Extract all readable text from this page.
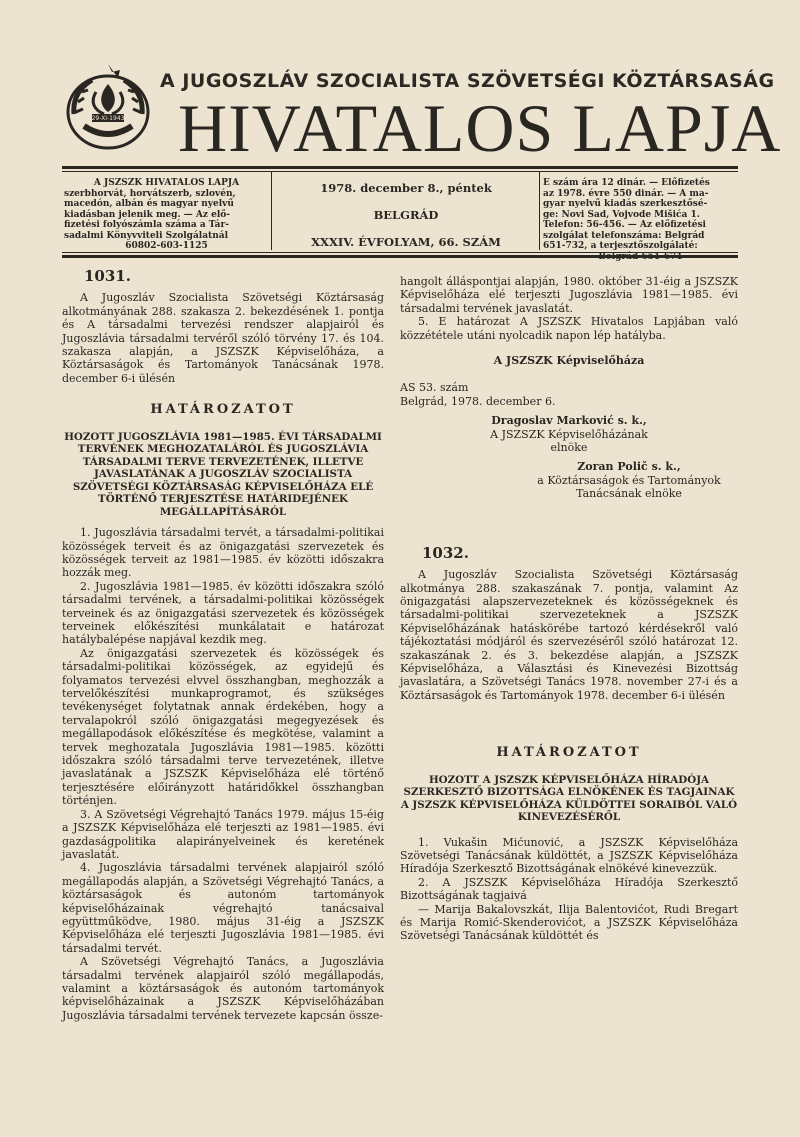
29-XI-1943
A JUGOSZLÁV SZOCIALISTA SZÖVETSÉGI KÖZTÁRSASÁG
HIVATALOS LAPJA
A JSZSZK HIVATALOS LAPJA
szerbhorvát, horvátszerb, szlovén,
macedón, albán és magyar nyelvű
kiadásban jelenik meg. — Az elő-
fizetési folyószámla száma a Tár-
sadalmi Könyvviteli Szolgálatnál
60802-603-1125
1978. december 8., péntek
BELGRÁD
XXXIV. ÉVFOLYAM, 66. SZÁM
E szám ára 12 dinár. — Előfizetés
az 1978. évre 550 dinár. — A ma-
gyar nyelvű kiadás szerkesztősé-
ge: Novi Sad, Vojvode Mišića 1.
Telefon: 56-456. — Az előfizetési
szolgálat telefonszáma: Belgrád
651-732, a terjesztőszolgálaté:
1031.

A Jugoszláv Szocialista Szövetségi Köztársaság alkotmányának 288. szakasza 2. bekezdésének 1. pontja és A társadalmi tervezési rendszer alapjairól és Jugoszlávia társadalmi tervéről szóló törvény 17. és 104. szakasza alapján, a JSZSZK Képviselőháza, a Köztársaságok és Tartományok Tanácsának 1978. december 6-i ülésén

HATÁROZATOT
HOZOTT JUGOSZLÁVIA 1981—1985. ÉVI TÁRSADALMI TERVÉNEK MEGHOZATALÁRÓL ÉS JUGOSZLÁVIA TÁRSADALMI TERVE TERVEZETÉNEK, ILLETVE JAVASLATÁNAK A JUGOSZLÁV SZOCIALISTA SZÖVETSÉGI KÖZTÁRSASÁG KÉPVISELŐHÁZA ELÉ TÖRTÉNŐ TERJESZTÉSE HATÁRIDEJÉNEK MEGÁLLAPÍTÁSÁRÓL

1. Jugoszlávia társadalmi tervét, a társadalmi-politikai közösségek terveit és az önigazgatási szervezetek és közösségek terveit az 1981—1985. év közötti időszakra hozzák meg.

2. Jugoszlávia 1981—1985. év közötti időszakra szóló társadalmi tervének, a társadalmi-politikai közösségek terveinek és az önigazgatási szervezetek és közösségek terveinek előkészítési munkálatait e határozat hatálybalépése napjával kezdik meg.

Az önigazgatási szervezetek és közösségek és társadalmi-politikai közösségek, az egyidejű és folyamatos tervezési elvvel összhangban, meghozzák a tervelőkészítési munkaprogramot, és szükséges tevékenységet folytatnak annak érdekében, hogy a tervalapokról szóló önigazgatási megegyezések és megállapodások előkészítése és megkötése, valamint a tervek meghozatala Jugoszlávia 1981—1985. közötti időszakra szóló társadalmi terve tervezetének, illetve javaslatának a JSZSZK Képviselőháza elé történő terjesztésére előirányzott határidőkkel összhangban történjen.

3. A Szövetségi Végrehajtó Tanács 1979. május 15-éig a JSZSZK Képviselőháza elé terjeszti az 1981—1985. évi gazdaságpolitika alapirányelveinek és keretének javaslatát.

4. Jugoszlávia társadalmi tervének alapjairól szóló megállapodás alapján, a Szövetségi Végrehajtó Tanács, a köztársaságok és autonóm tartományok képviselőházainak végrehajtó tanácsaival együttműködve, 1980. május 31-éig a JSZSZK Képviselőháza elé terjeszti Jugoszlávia 1981—1985. évi társadalmi tervét.

A Szövetségi Végrehajtó Tanács, a Jugoszlávia társadalmi tervének alapjairól szóló megállapodás, valamint a köztársaságok és autonóm tartományok képviselőházainak a JSZSZK Képviselőházában Jugoszlávia társadalmi tervének tervezete kapcsán össze-

hangolt álláspontjai alapján, 1980. október 31-éig a JSZSZK Képviselőháza elé terjeszti Jugoszlávia 1981—1985. évi társadalmi tervének javaslatát.

5. E határozat A JSZSZK Hivatalos Lapjában való közzététele utáni nyolcadik napon lép hatályba.

A JSZSZK Képviselőháza

AS 53. szám

Belgrád, 1978. december 6.

Dragoslav Marković s. k.,
A JSZSZK Képviselőházának
elnöke
Zoran Polič s. k.,
a Köztársaságok és Tartományok
Tanácsának elnöke
1032.

A Jugoszláv Szocialista Szövetségi Köztársaság alkotmánya 288. szakaszának 7. pontja, valamint Az önigazgatási alapszervezeteknek és közösségeknek és társadalmi-politikai szervezeteknek a JSZSZK Képviselőházának hatáskörébe tartozó kérdésekről való tájékoztatási módjáról és szervezéséről szóló határozat 12. szakaszának 2. és 3. bekezdése alapján, a JSZSZK Képviselőháza, a Választási és Kinevezési Bizottság javaslatára, a Szövetségi Tanács 1978. november 27-i és a Köztársaságok és Tartományok 1978. december 6-i ülésén

HATÁROZATOT
HOZOTT A JSZSZK KÉPVISELŐHÁZA HÍRADÓJA SZERKESZTŐ BIZOTTSÁGA ELNÖKÉNEK ÉS TAGJAINAK A JSZSZK KÉPVISELŐHÁZA KÜLDÖTTEI SORAIBÓL VALÓ KINEVEZÉSÉRŐL

1. Vukašin Mićunović, a JSZSZK Képviselőháza Szövetségi Tanácsának küldöttét, a JSZSZK Képviselőháza Híradója Szerkesztő Bizottságának elnökévé kinevezzük.

2. A JSZSZK Képviselőháza Híradója Szerkesztő Bizottságának tagjaivá

— Marija Bakalovszkát, Ilija Balentovićot, Rudi Bregart és Marija Romić-Skenderovićot, a JSZSZK Képviselőháza Szövetségi Tanácsának küldöttét és
